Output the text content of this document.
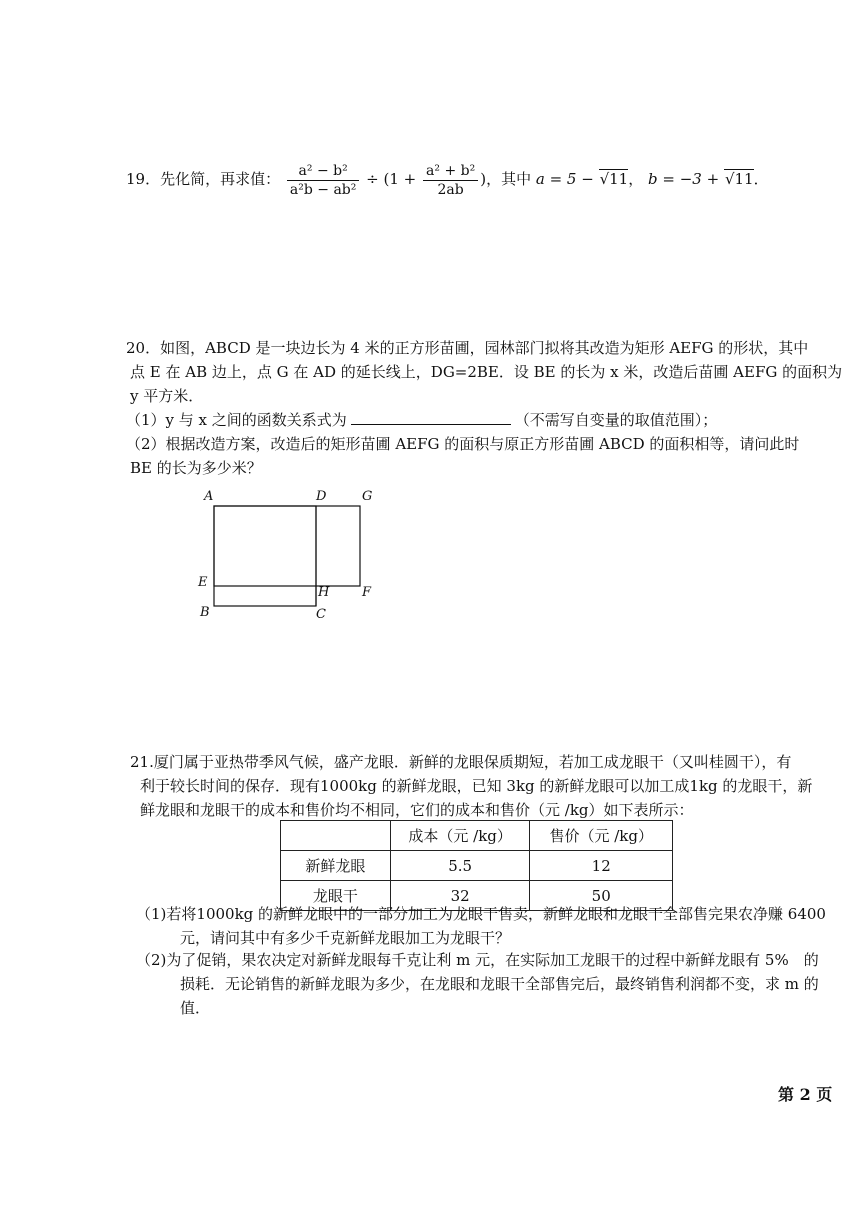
19．先化简，再求值： $\frac{\text{a² − b²}}{\text{a²b − ab²}} \div (1 + \frac{\text{a² + b²}}{2ab}$ )，其中 a = 5 − √11， b = −3 + √11．
20．如图，ABCD 是一块边长为 4 米的正方形苗圃，园林部门拟将其改造为矩形 AEFG 的形状，其中
点 E 在 AB 边上，点 G 在 AD 的延长线上，DG=2BE．设 BE 的长为 x 米，改造后苗圃 AEFG 的面积为
y 平方米．
（1）y 与 x 之间的函数关系式为	（不需写自变量的取值范围）；
（2）根据改造方案，改造后的矩形苗圃 AEFG 的面积与原正方形苗圃 ABCD 的面积相等，请问此时
BE 的长为多少米？
A	D	G
E
H	F
B	C
21.厦门属于亚热带季风气候，盛产龙眼．新鲜的龙眼保质期短，若加工成龙眼干（又叫桂圆干），有
利于较长时间的保存．现有1000kg 的新鲜龙眼，已知 3kg 的新鲜龙眼可以加工成1kg 的龙眼干，新
鲜龙眼和龙眼干的成本和售价均不相同，它们的成本和售价（元 /kg）如下表所示：
	成本（元 /kg）	售价（元 /kg）
新鲜龙眼	5.5	12
龙眼干	32	50
（1)若将1000kg 的新鲜龙眼中的一部分加工为龙眼干售卖，新鲜龙眼和龙眼干全部售完果农净赚 6400
元，请问其中有多少千克新鲜龙眼加工为龙眼干？
（2)为了促销，果农决定对新鲜龙眼每千克让利 m 元，在实际加工龙眼干的过程中新鲜龙眼有 5%　的
损耗．无论销售的新鲜龙眼为多少，在龙眼和龙眼干全部售完后，最终销售利润都不变，求 m 的
值．
第 2 页
